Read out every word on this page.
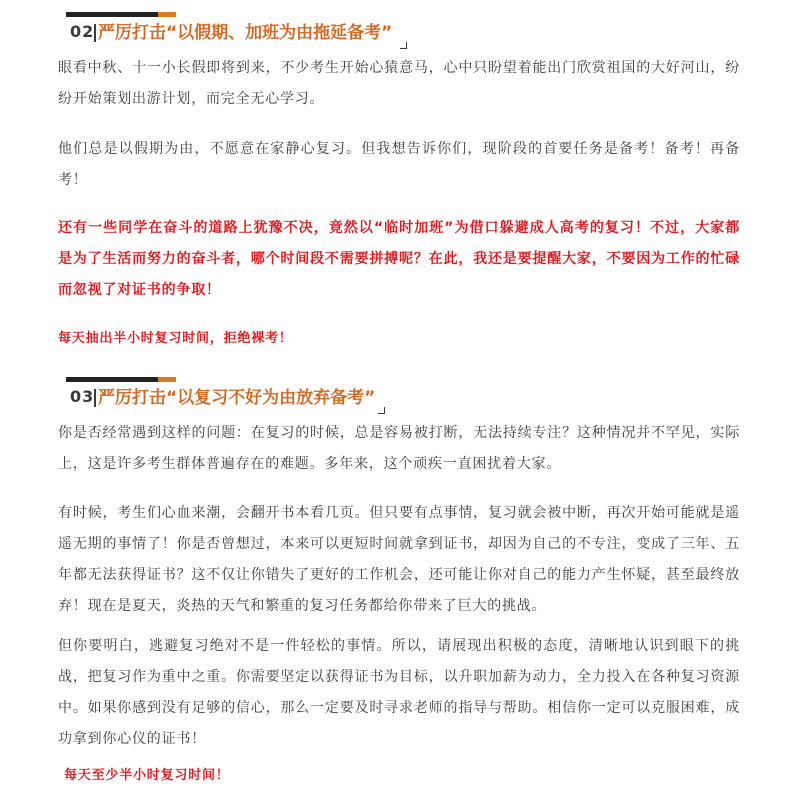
02 严厉打击“以假期、加班为由拖延备考”

眼看中秋、十一小长假即将到来，不少考生开始心猿意马，心中只盼望着能出门欣赏祖国的大好河山，纷纷开始策划出游计划，而完全无心学习。

他们总是以假期为由，不愿意在家静心复习。但我想告诉你们，现阶段的首要任务是备考！备考！再备考！

还有一些同学在奋斗的道路上犹豫不决，竟然以“临时加班”为借口躲避成人高考的复习！不过，大家都是为了生活而努力的奋斗者，哪个时间段不需要拼搏呢？在此，我还是要提醒大家，不要因为工作的忙碌而忽视了对证书的争取！

每天抽出半小时复习时间，拒绝裸考！

03 严厉打击“以复习不好为由放弃备考”

你是否经常遇到这样的问题：在复习的时候，总是容易被打断，无法持续专注？这种情况并不罕见，实际上，这是许多考生群体普遍存在的难题。多年来，这个顽疾一直困扰着大家。

有时候，考生们心血来潮，会翻开书本看几页。但只要有点事情，复习就会被中断，再次开始可能就是遥遥无期的事情了！你是否曾想过，本来可以更短时间就拿到证书，却因为自己的不专注，变成了三年、五年都无法获得证书？这不仅让你错失了更好的工作机会，还可能让你对自己的能力产生怀疑，甚至最终放弃！现在是夏天，炎热的天气和繁重的复习任务都给你带来了巨大的挑战。

但你要明白，逃避复习绝对不是一件轻松的事情。所以，请展现出积极的态度，清晰地认识到眼下的挑战，把复习作为重中之重。你需要坚定以获得证书为目标，以升职加薪为动力，全力投入在各种复习资源中。如果你感到没有足够的信心，那么一定要及时寻求老师的指导与帮助。相信你一定可以克服困难，成功拿到你心仪的证书！

每天至少半小时复习时间！
